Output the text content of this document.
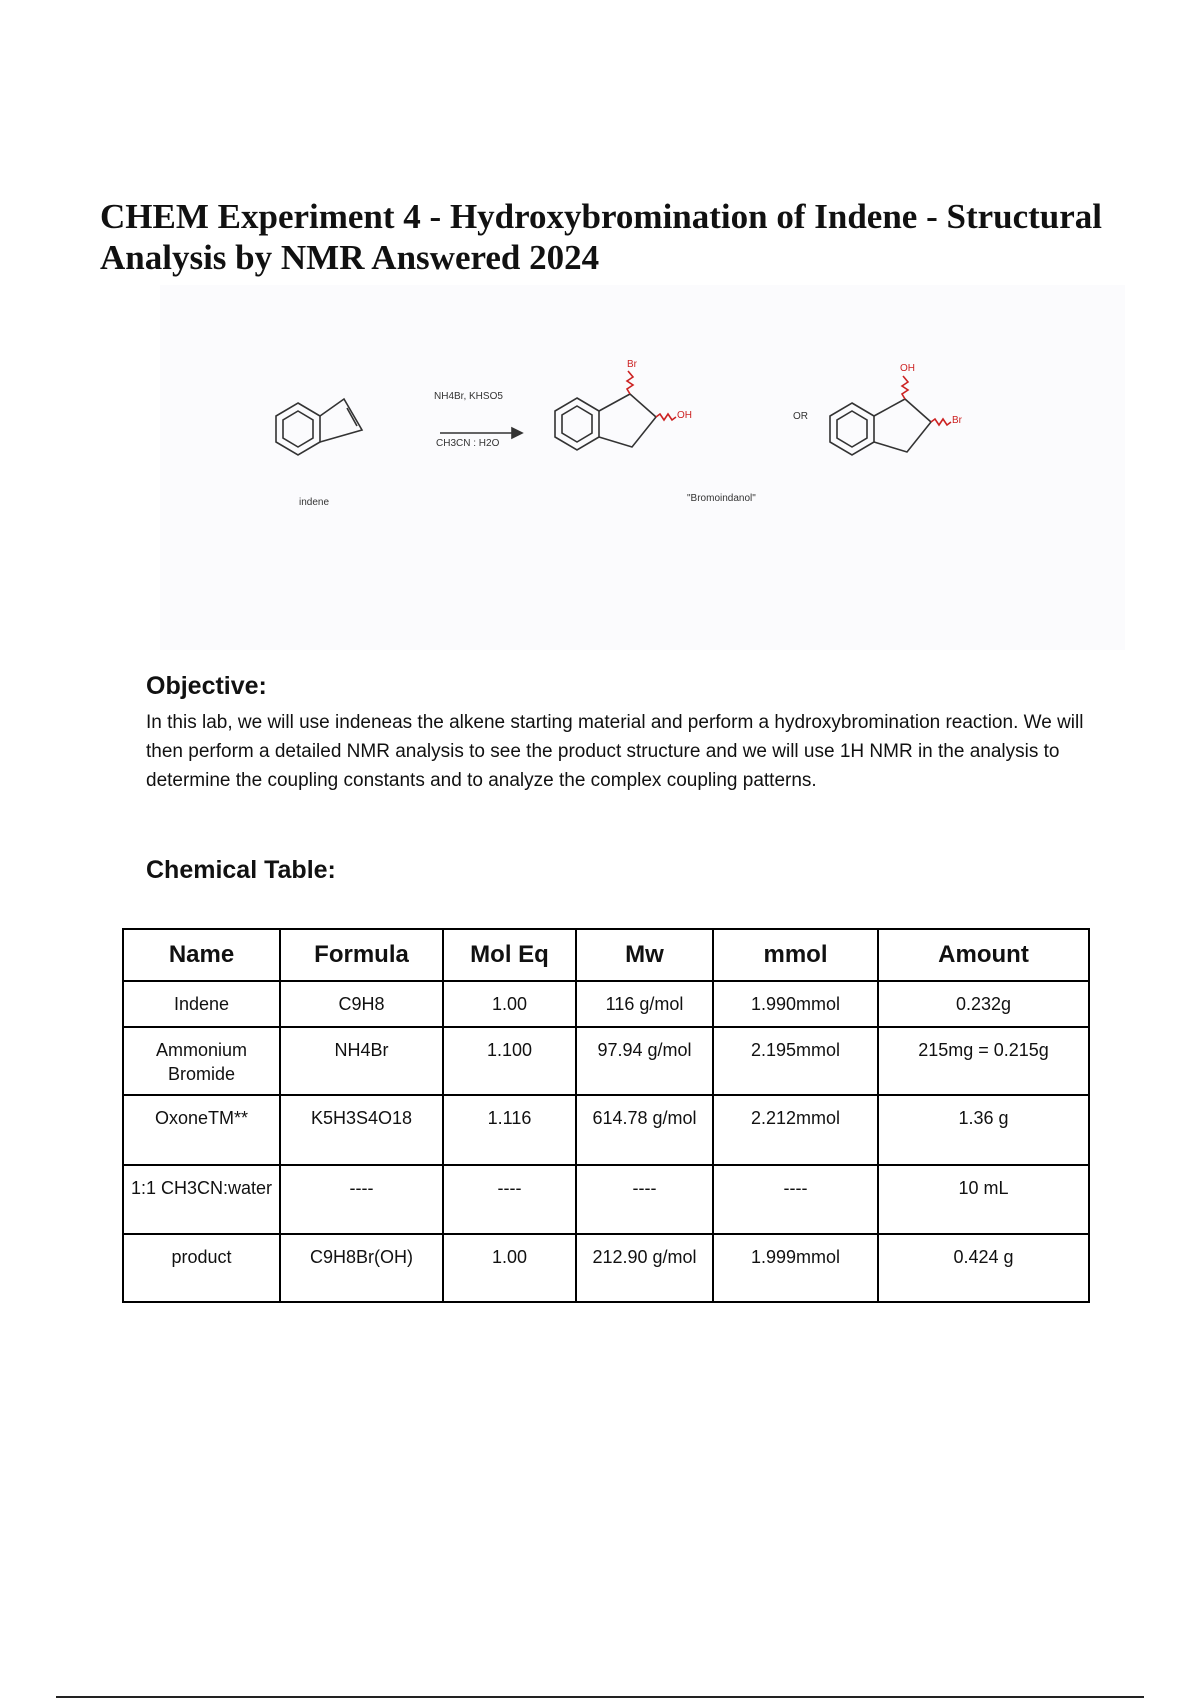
CHEM Experiment 4 - Hydroxybromination of Indene - Structural Analysis by NMR Answered 2024
NH4Br, KHSO5
CH3CN : H2O
indene
Br
OH	OR
"Bromoindanol"
OH
Br
Objective:

In this lab, we will use indeneas the alkene starting material and perform a hydroxybromination reaction. We will then perform a detailed NMR analysis to see the product structure and we will use 1H NMR in the analysis to determine the coupling constants and to analyze the complex coupling patterns.

Chemical Table:
Name	Formula	Mol Eq	Mw	mmol	Amount
Indene	C9H8	1.00	116 g/mol	1.990mmol	0.232g
Ammonium Bromide	NH4Br	1.100	97.94 g/mol	2.195mmol	215mg = 0.215g
OxoneTM**	K5H3S4O18	1.116	614.78 g/mol	2.212mmol	1.36 g
1:1 CH3CN:water	----	----	----	----	10 mL
product	C9H8Br(OH)	1.00	212.90 g/mol	1.999mmol	0.424 g
